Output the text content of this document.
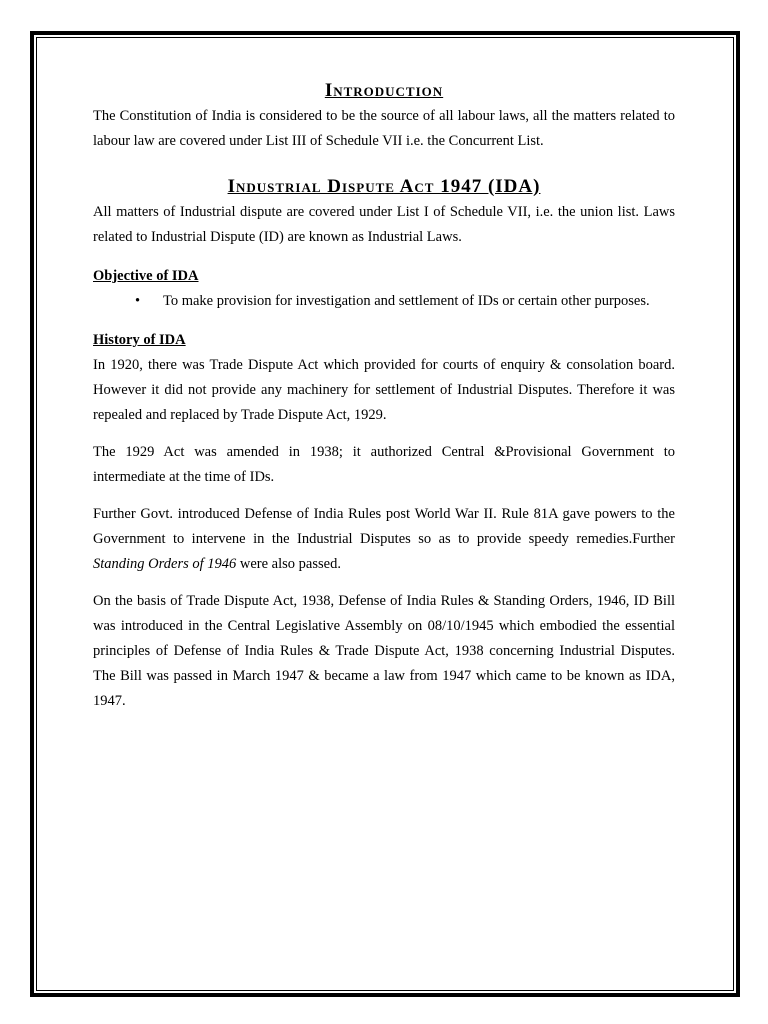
Introduction

The Constitution of India is considered to be the source of all labour laws, all the matters related to labour law are covered under List III of Schedule VII i.e. the Concurrent List.

Industrial Dispute Act 1947 (IDA)

All matters of Industrial dispute are covered under List I of Schedule VII, i.e. the union list. Laws related to Industrial Dispute (ID) are known as Industrial Laws.

Objective of IDA

• To make provision for investigation and settlement of IDs or certain other purposes.

History of IDA

In 1920, there was Trade Dispute Act which provided for courts of enquiry & consolation board. However it did not provide any machinery for settlement of Industrial Disputes. Therefore it was repealed and replaced by Trade Dispute Act, 1929.

The 1929 Act was amended in 1938; it authorized Central &Provisional Government to intermediate at the time of IDs.

Further Govt. introduced Defense of India Rules post World War II. Rule 81A gave powers to the Government to intervene in the Industrial Disputes so as to provide speedy remedies.Further Standing Orders of 1946 were also passed.

On the basis of Trade Dispute Act, 1938, Defense of India Rules & Standing Orders, 1946, ID Bill was introduced in the Central Legislative Assembly on 08/10/1945 which embodied the essential principles of Defense of India Rules & Trade Dispute Act, 1938 concerning Industrial Disputes.

The Bill was passed in March 1947 & became a law from 1947 which came to be known as IDA, 1947.
